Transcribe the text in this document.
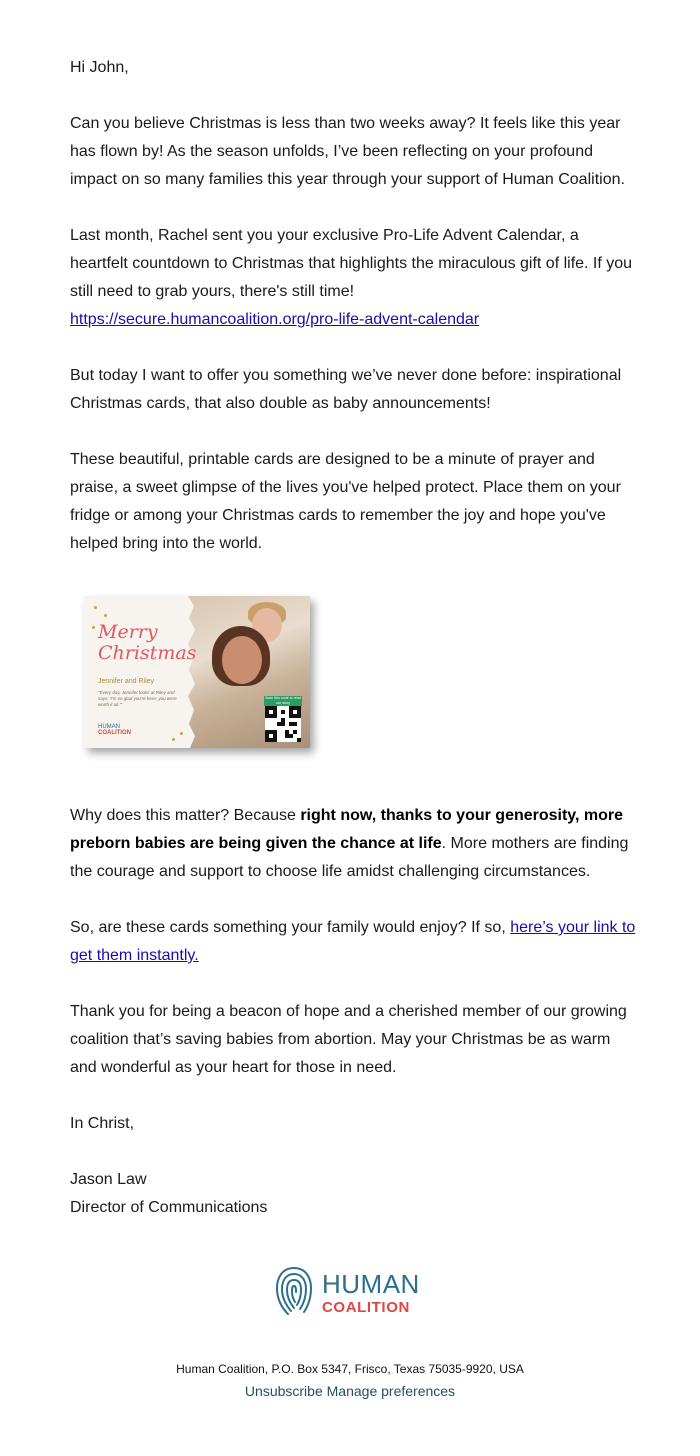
Hi John,

Can you believe Christmas is less than two weeks away? It feels like this year has flown by! As the season unfolds, I’ve been reflecting on your profound impact on so many families this year through your support of Human Coalition.

Last month, Rachel sent you your exclusive Pro-Life Advent Calendar, a heartfelt countdown to Christmas that highlights the miraculous gift of life. If you still need to grab yours, there's still time!
https://secure.humancoalition.org/pro-life-advent-calendar

But today I want to offer you something we’ve never done before: inspirational Christmas cards, that also double as baby announcements!

These beautiful, printable cards are designed to be a minute of prayer and praise, a sweet glimpse of the lives you've helped protect. Place them on your fridge or among your Christmas cards to remember the joy and hope you've helped bring into the world.

Why does this matter? Because right now, thanks to your generosity, more preborn babies are being given the chance at life. More mothers are finding the courage and support to choose life amidst challenging circumstances.

So, are these cards something your family would enjoy? If so, here’s your link to get them instantly.

Thank you for being a beacon of hope and a cherished member of our growing coalition that’s saving babies from abortion. May your Christmas be as warm and wonderful as your heart for those in need.

In Christ,

Jason Law

Director of Communications

Merry
Christmas
Jennifer and Riley
"Every day, Jennifer looks at Riley and says, 'I'm so glad you're here; you were worth it all.'"
HUMAN
COALITION
Scan this code to read our story
HUMAN
COALITION
Human Coalition, P.O. Box 5347, Frisco, Texas 75035-9920, USA
Unsubscribe Manage preferences
